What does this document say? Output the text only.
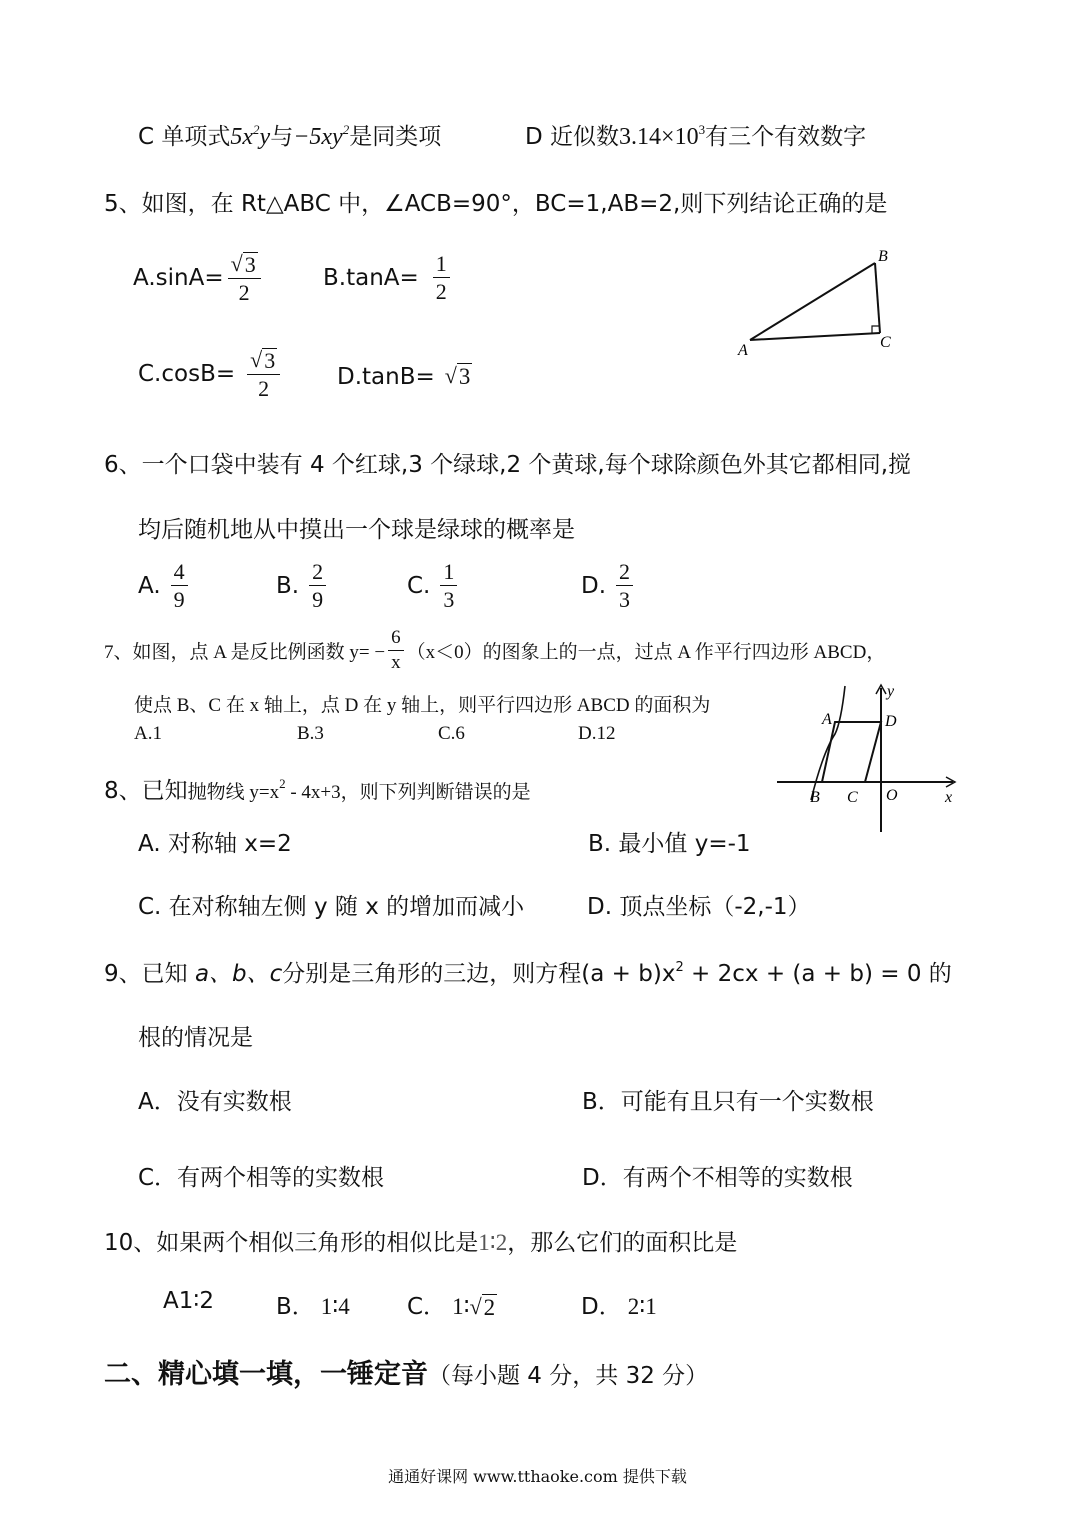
C 单项式$5x^2y$与$-5xy^2$是同类项	D 近似数$3.14\times 10^3$有三个有效数字
5、如图，在 Rt△ABC 中，∠ACB=90°，BC=1,AB=2,则下列结论正确的是
$A.\sin A= \frac{√ 3}{2}$	$B.\tan A= \frac{1}{2}$
$C.\cos B= \frac{√ 3}{2} D.\tan B=$ √ 3
A
B
C
6、一个口袋中装有 4 个红球,3 个绿球,2 个黄球,每个球除颜色外其它都相同,搅
均后随机地从中摸出一个球是绿球的概率是
A. $\frac{4}{9}$	B. $\frac{2}{9}$	C. $\frac{1}{3}$	D. $\frac{2}{3}$
7、如图，点 A 是反比例函数 $y= - \frac{6}{x} (x<0)$的图象上的一点，过点 A 作平行四边形 ABCD，
使点 B、C 在 x 轴上，点 D 在 y 轴上，则平行四边形 ABCD 的面积为
A.1	B.3	C.6	D.12
A
B C
D
O	x
y
8、已知 抛物线 $y=x^2 - 4x+3$，则下列判断错误的是
A. 对称轴 x=2	B. 最小值 y=-1
C. 在对称轴左侧 y 随 x 的增加而减小	D. 顶点坐标（-2,-1）
9、已知 a、b、c分别是三角形的三边，则方程$(a + b)x^2 + 2cx + (a + b) = 0$ 的
根的情况是
A．没有实数根	B．可能有且只有一个实数根
C．有两个相等的实数根	D．有两个不相等的实数根
10、如果两个相似三角形的相似比是1∶2，那么它们的面积比是
A1∶2	B． 1∶4 C． 1∶ √ 2	D． 2∶1
二、精心填一填，一锤定音 （每小题 4 分，共 32 分）
通通好课网 www.tthaoke.com 提供下载
